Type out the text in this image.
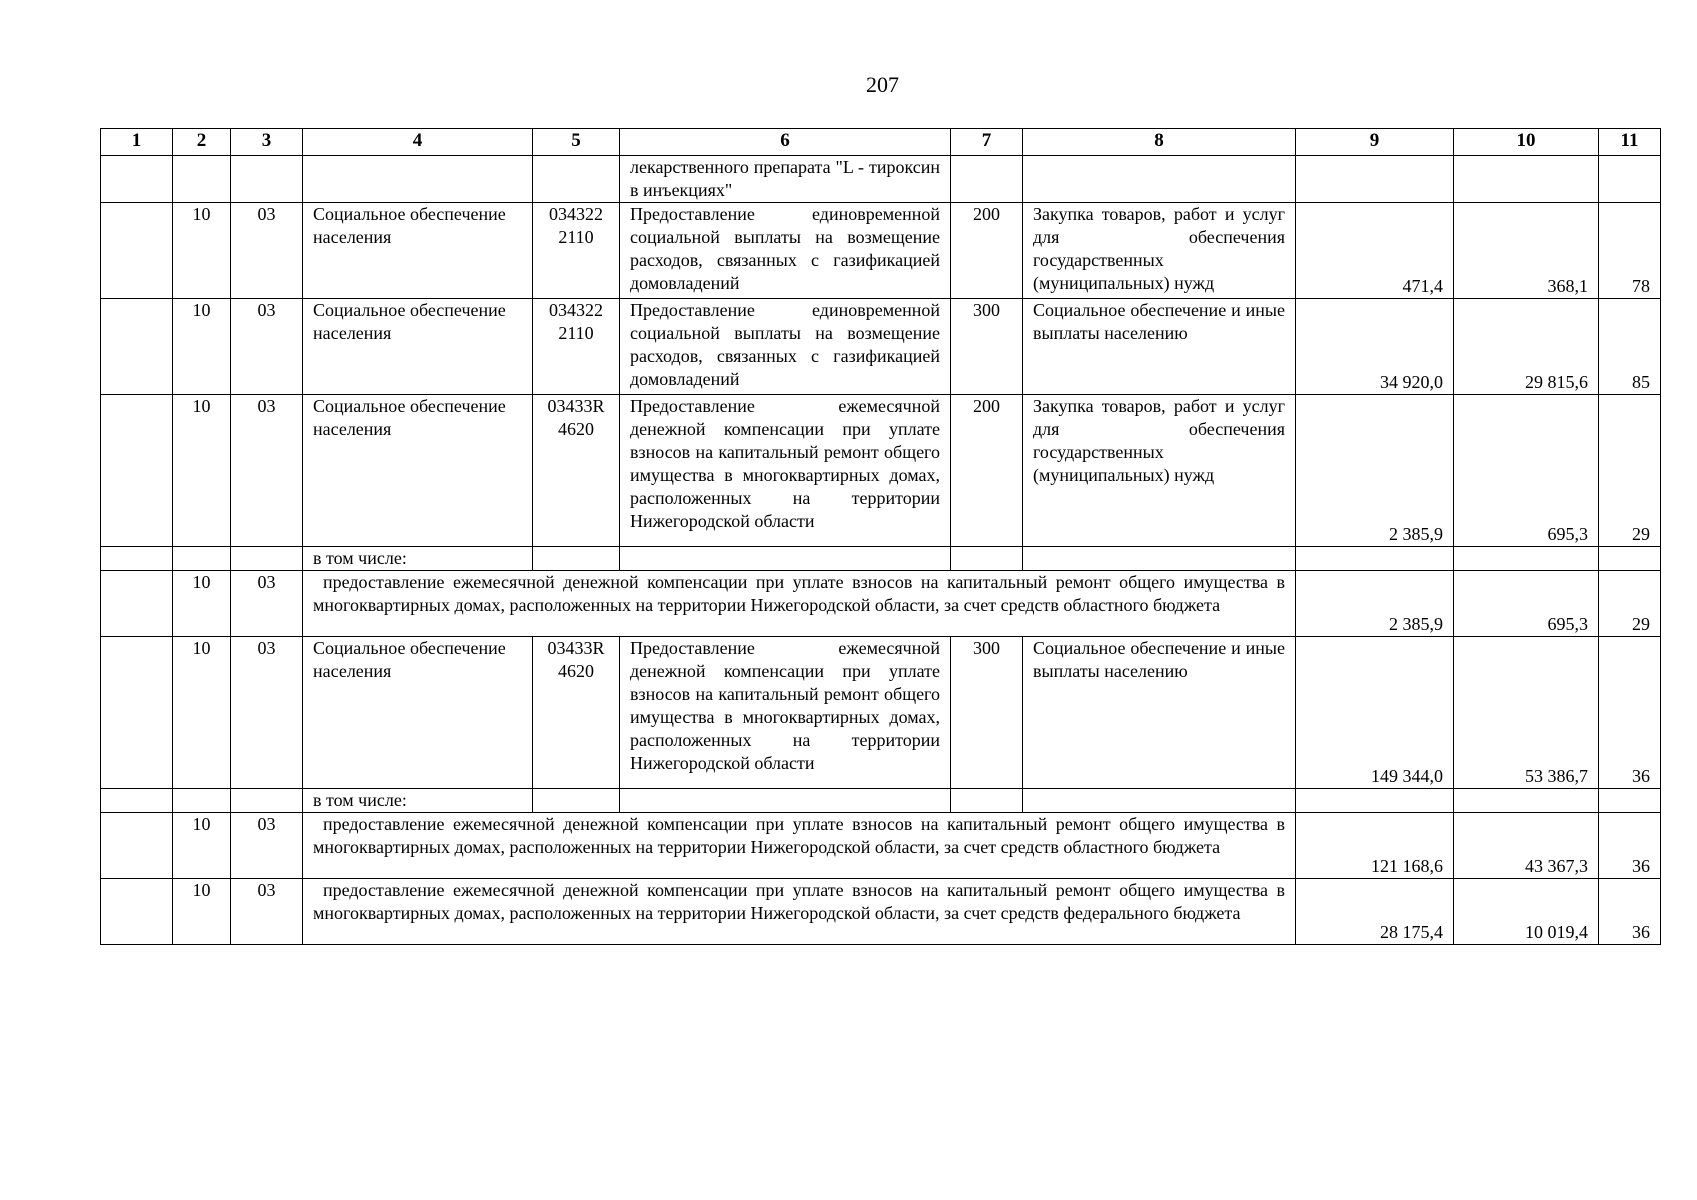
207
1	2	3	4	5	6	7	8	9	10	11
					лекарственного препарата "L - тироксин в инъекциях"					
	10	03	Социальное обеспечение населения	034322 2110	Предоставление единовременной социальной выплаты на возмещение расходов, связанных с газификацией домовладений	200	Закупка товаров, работ и услуг для обеспечения государственных (муниципальных) нужд	471,4	368,1	78
	10	03	Социальное обеспечение населения	034322 2110	Предоставление единовременной социальной выплаты на возмещение расходов, связанных с газификацией домовладений	300	Социальное обеспечение и иные выплаты населению	34 920,0	29 815,6	85
	10	03	Социальное обеспечение населения	03433R 4620	Предоставление ежемесячной денежной компенсации при уплате взносов на капитальный ремонт общего имущества в многоквартирных домах, расположенных на территории Нижегородской области	200	Закупка товаров, работ и услуг для обеспечения государственных (муниципальных) нужд	2 385,9	695,3	29
			в том числе:							
	10	03	предоставление ежемесячной денежной компенсации при уплате взносов на капитальный ремонт общего имущества в многоквартирных домах, расположенных на территории Нижегородской области, за счет средств областного бюджета					2 385,9	695,3	29
	10	03	Социальное обеспечение населения	03433R 4620	Предоставление ежемесячной денежной компенсации при уплате взносов на капитальный ремонт общего имущества в многоквартирных домах, расположенных на территории Нижегородской области	300	Социальное обеспечение и иные выплаты населению	149 344,0	53 386,7	36
			в том числе:							
	10	03	предоставление ежемесячной денежной компенсации при уплате взносов на капитальный ремонт общего имущества в многоквартирных домах, расположенных на территории Нижегородской области, за счет средств областного бюджета					121 168,6	43 367,3	36
	10	03	предоставление ежемесячной денежной компенсации при уплате взносов на капитальный ремонт общего имущества в многоквартирных домах, расположенных на территории Нижегородской области, за счет средств федерального бюджета					28 175,4	10 019,4	36
